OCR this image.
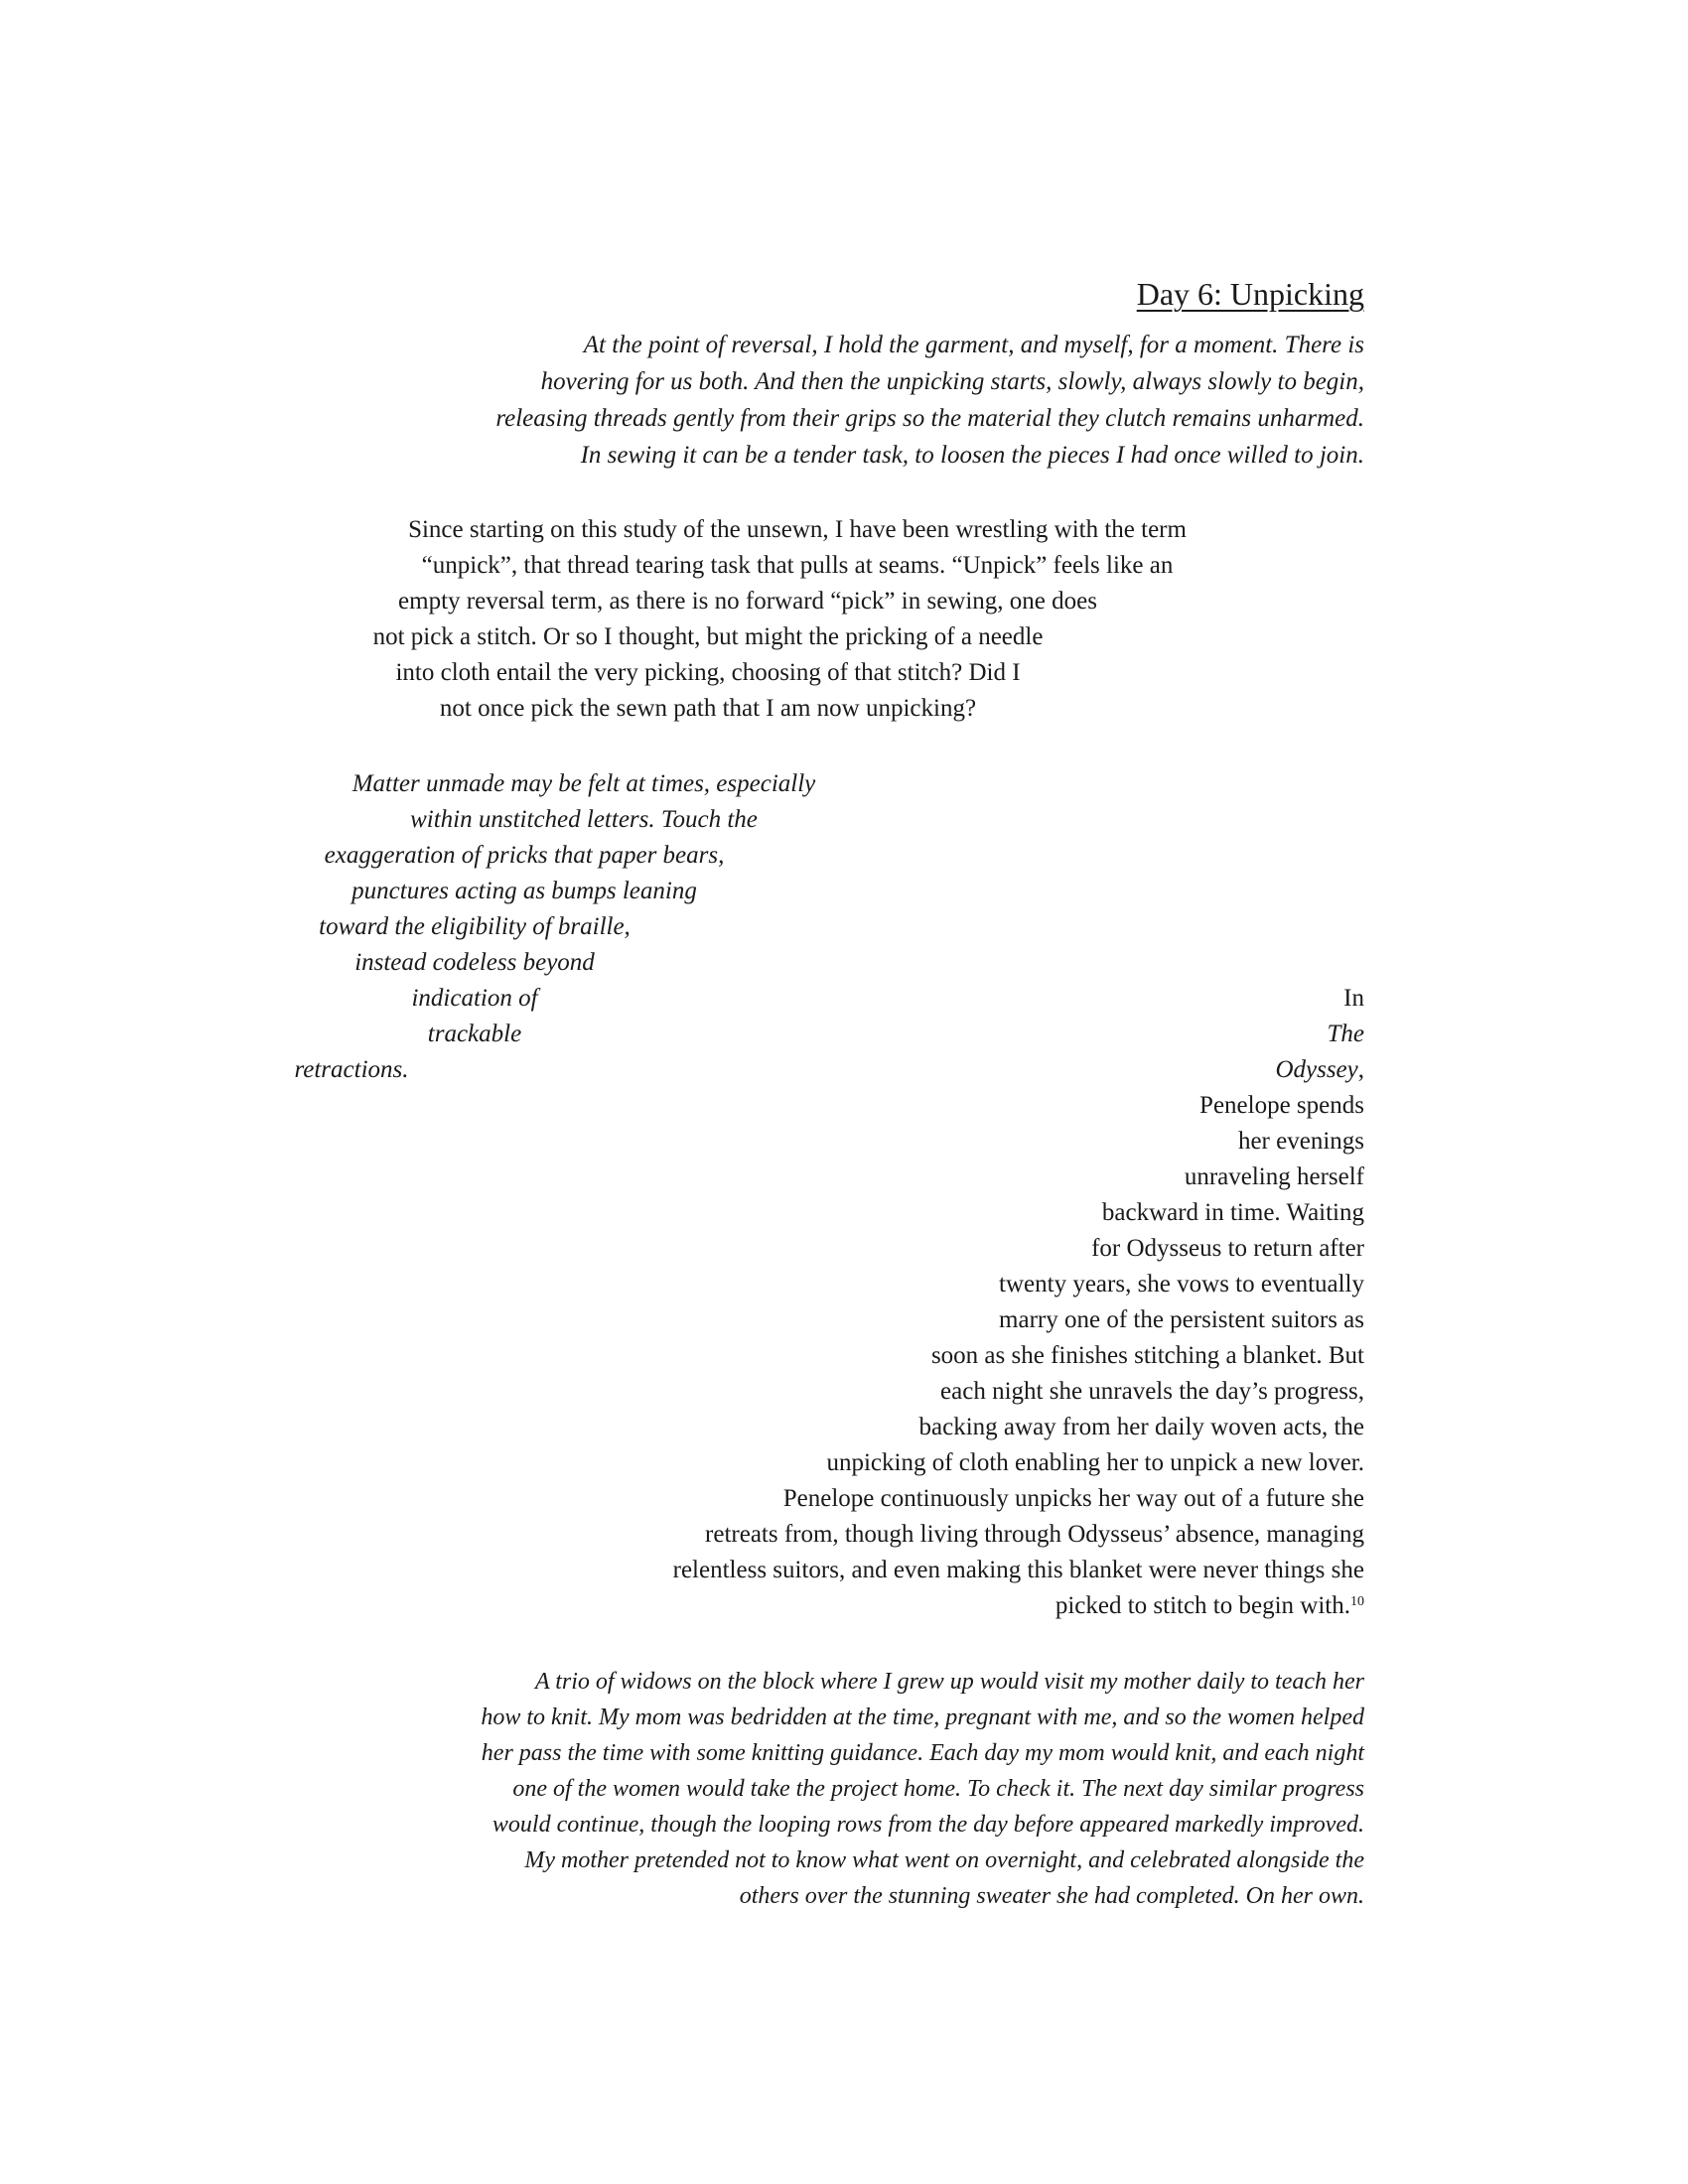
Day 6: Unpicking
At the point of reversal, I hold the garment, and myself, for a moment. There is
hovering for us both. And then the unpicking starts, slowly, always slowly to begin,
releasing threads gently from their grips so the material they clutch remains unharmed.
In sewing it can be a tender task, to loosen the pieces I had once willed to join.
Since starting on this study of the unsewn, I have been wrestling with the term
“unpick”, that thread tearing task that pulls at seams. “Unpick” feels like an
empty reversal term, as there is no forward “pick” in sewing, one does
not pick a stitch. Or so I thought, but might the pricking of a needle
into cloth entail the very picking, choosing of that stitch? Did I
not once pick the sewn path that I am now unpicking?
Matter unmade may be felt at times, especially
within unstitched letters. Touch the
exaggeration of pricks that paper bears,
punctures acting as bumps leaning
toward the eligibility of braille,
instead codeless beyond
indication of
trackable
retractions.
In
The
Odyssey,
Penelope spends
her evenings
unraveling herself
backward in time. Waiting
for Odysseus to return after
twenty years, she vows to eventually
marry one of the persistent suitors as
soon as she finishes stitching a blanket. But
each night she unravels the day’s progress,
backing away from her daily woven acts, the
unpicking of cloth enabling her to unpick a new lover.
Penelope continuously unpicks her way out of a future she
retreats from, though living through Odysseus’ absence, managing
relentless suitors, and even making this blanket were never things she
picked to stitch to begin with.$^{10}$
A trio of widows on the block where I grew up would visit my mother daily to teach her
how to knit. My mom was bedridden at the time, pregnant with me, and so the women helped
her pass the time with some knitting guidance. Each day my mom would knit, and each night
one of the women would take the project home. To check it. The next day similar progress
would continue, though the looping rows from the day before appeared markedly improved.
My mother pretended not to know what went on overnight, and celebrated alongside the
others over the stunning sweater she had completed. On her own.
